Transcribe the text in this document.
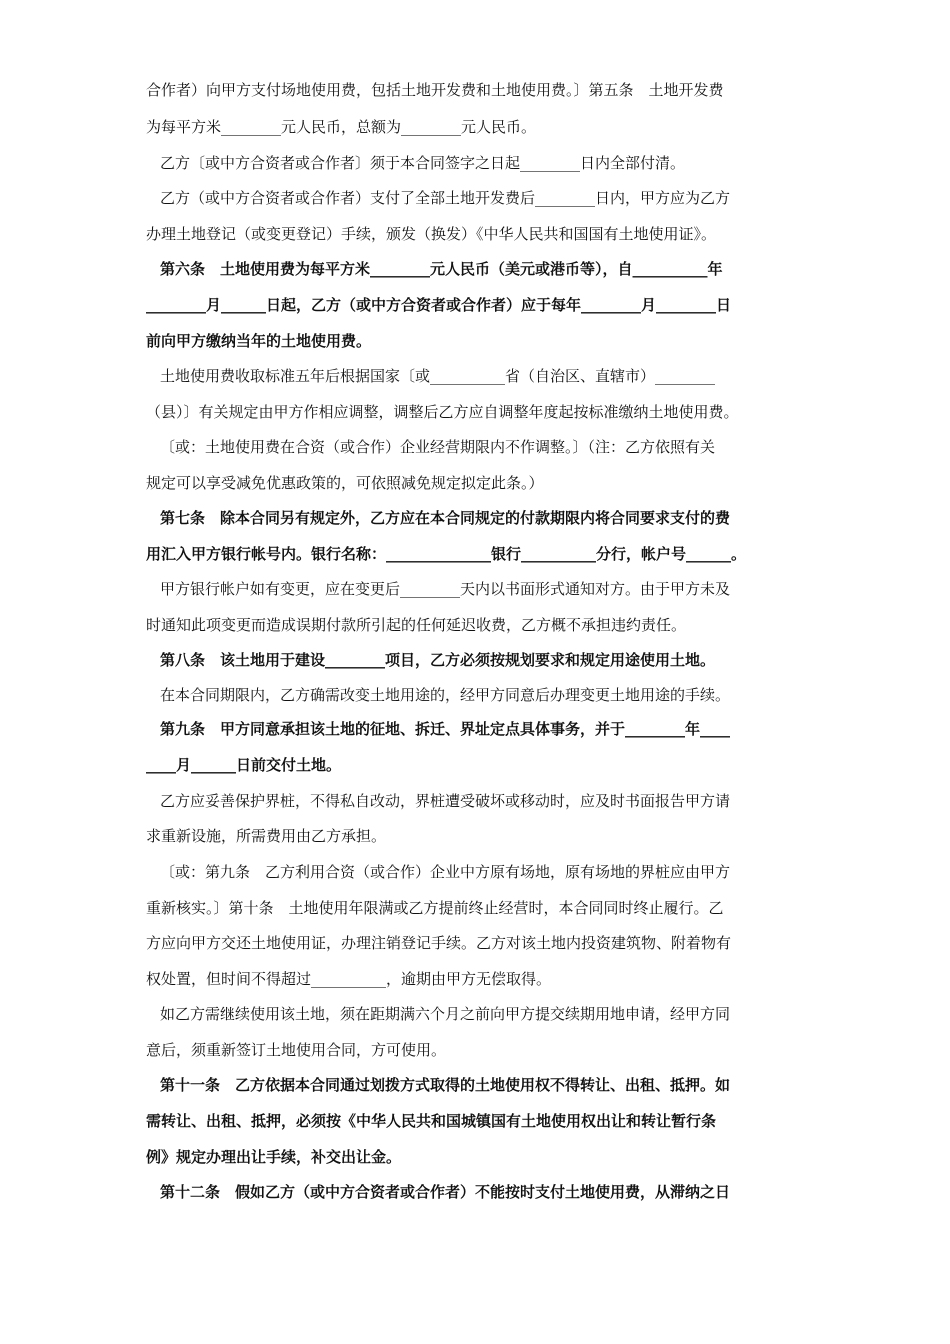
合作者）向甲方支付场地使用费，包括土地开发费和土地使用费。〕第五条　土地开发费
为每平方米________元人民币，总额为________元人民币。
乙方〔或中方合资者或合作者〕须于本合同签字之日起________日内全部付清。
乙方（或中方合资者或合作者）支付了全部土地开发费后________日内，甲方应为乙方
办理土地登记（或变更登记）手续，颁发（换发）《中华人民共和国国有土地使用证》。
第六条　土地使用费为每平方米________元人民币（美元或港币等），自__________年
________月______日起，乙方（或中方合资者或合作者）应于每年________月________日
前向甲方缴纳当年的土地使用费。
土地使用费收取标准五年后根据国家〔或__________省（自治区、直辖市）________
（县）〕有关规定由甲方作相应调整，调整后乙方应自调整年度起按标准缴纳土地使用费。
〔或：土地使用费在合资（或合作）企业经营期限内不作调整。〕（注：乙方依照有关
规定可以享受减免优惠政策的，可依照减免规定拟定此条。）
第七条　除本合同另有规定外，乙方应在本合同规定的付款期限内将合同要求支付的费
用汇入甲方银行帐号内。银行名称：______________银行__________分行，帐户号______。
甲方银行帐户如有变更，应在变更后________天内以书面形式通知对方。由于甲方未及
时通知此项变更而造成误期付款所引起的任何延迟收费，乙方概不承担违约责任。
第八条　该土地用于建设________项目，乙方必须按规划要求和规定用途使用土地。
在本合同期限内，乙方确需改变土地用途的，经甲方同意后办理变更土地用途的手续。
第九条　甲方同意承担该土地的征地、拆迁、界址定点具体事务，并于________年____
____月______日前交付土地。
乙方应妥善保护界桩，不得私自改动，界桩遭受破坏或移动时，应及时书面报告甲方请
求重新设施，所需费用由乙方承担。
〔或：第九条　乙方利用合资（或合作）企业中方原有场地，原有场地的界桩应由甲方
重新核实。〕第十条　土地使用年限满或乙方提前终止经营时，本合同同时终止履行。乙
方应向甲方交还土地使用证，办理注销登记手续。乙方对该土地内投资建筑物、附着物有
权处置，但时间不得超过__________，逾期由甲方无偿取得。
如乙方需继续使用该土地，须在距期满六个月之前向甲方提交续期用地申请，经甲方同
意后，须重新签订土地使用合同，方可使用。
第十一条　乙方依据本合同通过划拨方式取得的土地使用权不得转让、出租、抵押。如
需转让、出租、抵押，必须按《中华人民共和国城镇国有土地使用权出让和转让暂行条
例》规定办理出让手续，补交出让金。
第十二条　假如乙方（或中方合资者或合作者）不能按时支付土地使用费，从滞纳之日
